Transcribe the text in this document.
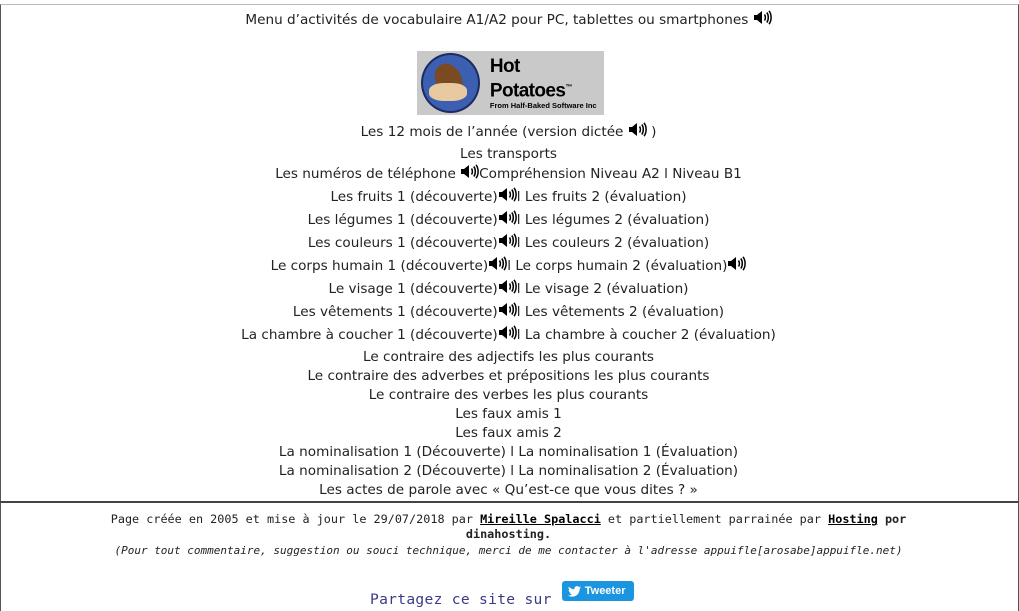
Menu d’activités de vocabulaire A1/A2 pour PC, tablettes ou smartphones
Hot Potatoes™
From Half-Baked Software Inc
Les 12 mois de l’année (version dictée )
Les transports
Les numéros de téléphone Compréhension Niveau A2 l Niveau B1
Les fruits 1 (découverte) l Les fruits 2 (évaluation)
Les légumes 1 (découverte) l Les légumes 2 (évaluation)
Les couleurs 1 (découverte) l Les couleurs 2 (évaluation)
Le corps humain 1 (découverte) l Le corps humain 2 (évaluation)
Le visage 1 (découverte) l Le visage 2 (évaluation)
Les vêtements 1 (découverte) l Les vêtements 2 (évaluation)
La chambre à coucher 1 (découverte) l La chambre à coucher 2 (évaluation)
Le contraire des adjectifs les plus courants
Le contraire des adverbes et prépositions les plus courants
Le contraire des verbes les plus courants
Les faux amis 1
Les faux amis 2
La nominalisation 1 (Découverte) l La nominalisation 1 (Évaluation)
La nominalisation 2 (Découverte) l La nominalisation 2 (Évaluation)
Les actes de parole avec « Qu’est-ce que vous dites ? »
Page créée en 2005 et mise à jour le 29/07/2018 par Mireille Spalacci et partiellement parrainée par Hosting por
dinahosting.
(Pour tout commentaire, suggestion ou souci technique, merci de me contacter à l'adresse appuifle[arosabe]appuifle.net)
Partagez ce site sur	Tweeter
